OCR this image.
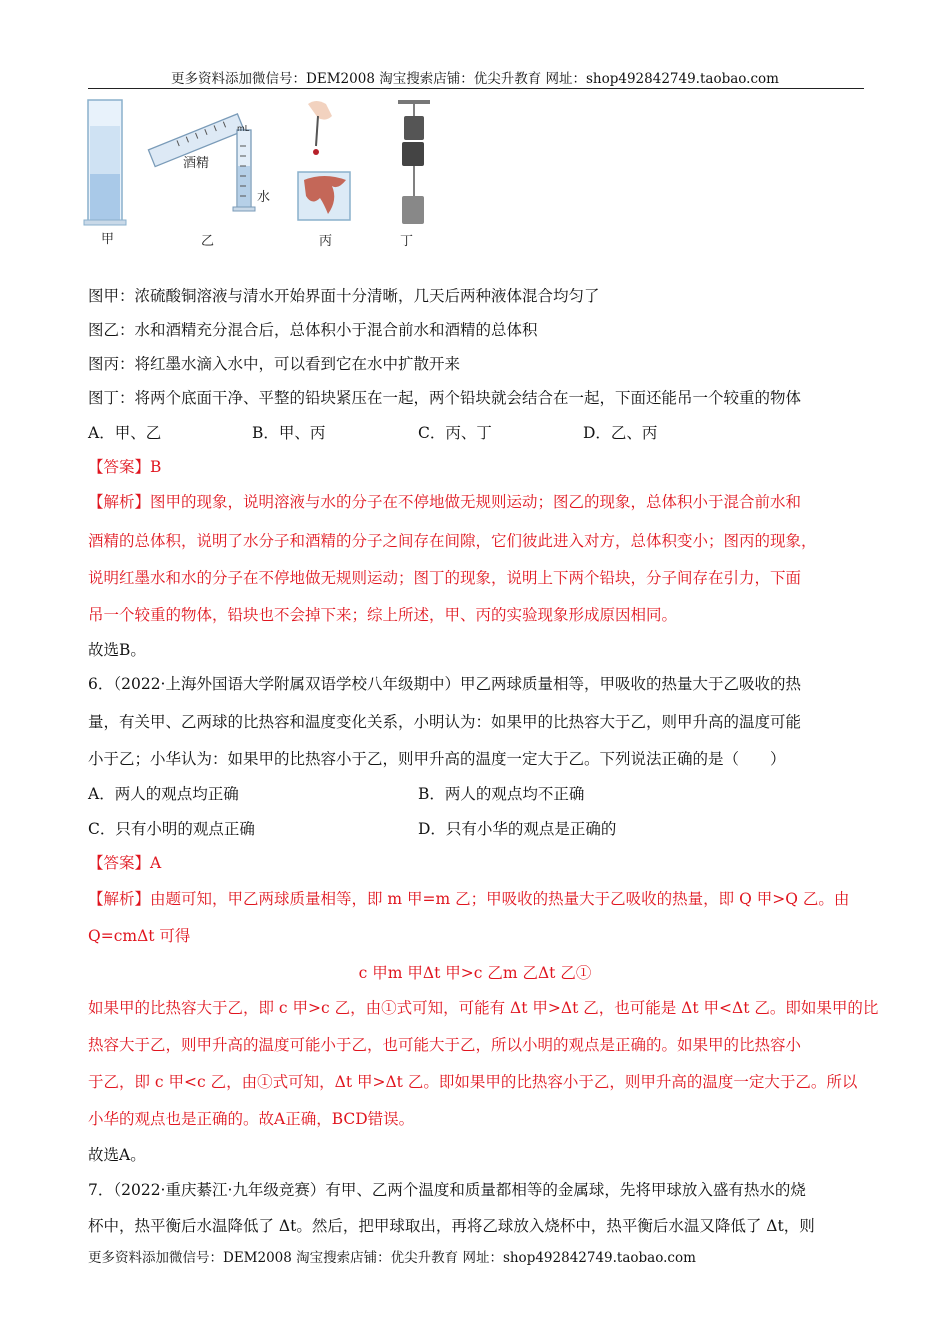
更多资料添加微信号：DEM2008 淘宝搜索店铺：优尖升教育 网址：shop492842749.taobao.com
甲	乙	丙	丁
酒精
水
mL
图甲：浓硫酸铜溶液与清水开始界面十分清晰，几天后两种液体混合均匀了
图乙：水和酒精充分混合后，总体积小于混合前水和酒精的总体积
图丙：将红墨水滴入水中，可以看到它在水中扩散开来
图丁：将两个底面干净、平整的铅块紧压在一起，两个铅块就会结合在一起，下面还能吊一个较重的物体
A．甲、乙	B．甲、丙	C．丙、丁	D．乙、丙
【答案】B
【解析】图甲的现象，说明溶液与水的分子在不停地做无规则运动；图乙的现象，总体积小于混合前水和
酒精的总体积，说明了水分子和酒精的分子之间存在间隙，它们彼此进入对方，总体积变小；图丙的现象，
说明红墨水和水的分子在不停地做无规则运动；图丁的现象，说明上下两个铅块，分子间存在引力，下面
吊一个较重的物体，铅块也不会掉下来；综上所述，甲、丙的实验现象形成原因相同。
故选B。
6．（2022·上海外国语大学附属双语学校八年级期中）甲乙两球质量相等，甲吸收的热量大于乙吸收的热
量，有关甲、乙两球的比热容和温度变化关系，小明认为：如果甲的比热容大于乙，则甲升高的温度可能
小于乙；小华认为：如果甲的比热容小于乙，则甲升高的温度一定大于乙。下列说法正确的是（　　）
A．两人的观点均正确	B．两人的观点均不正确
C．只有小明的观点正确	D．只有小华的观点是正确的
【答案】A
【解析】由题可知，甲乙两球质量相等，即 m 甲=m 乙；甲吸收的热量大于乙吸收的热量，即 Q 甲>Q 乙。由
Q=cmΔt 可得
c 甲m 甲Δt 甲>c 乙m 乙Δt 乙①
如果甲的比热容大于乙，即 c 甲>c 乙，由①式可知，可能有 Δt 甲>Δt 乙，也可能是 Δt 甲<Δt 乙。即如果甲的比
热容大于乙，则甲升高的温度可能小于乙，也可能大于乙，所以小明的观点是正确的。如果甲的比热容小
于乙，即 c 甲<c 乙，由①式可知，Δt 甲>Δt 乙。即如果甲的比热容小于乙，则甲升高的温度一定大于乙。所以
小华的观点也是正确的。故A正确，BCD错误。
故选A。
7．（2022·重庆綦江·九年级竞赛）有甲、乙两个温度和质量都相等的金属球，先将甲球放入盛有热水的烧
杯中，热平衡后水温降低了 Δt。然后，把甲球取出，再将乙球放入烧杯中，热平衡后水温又降低了 Δt，则
更多资料添加微信号：DEM2008 淘宝搜索店铺：优尖升教育 网址：shop492842749.taobao.com
